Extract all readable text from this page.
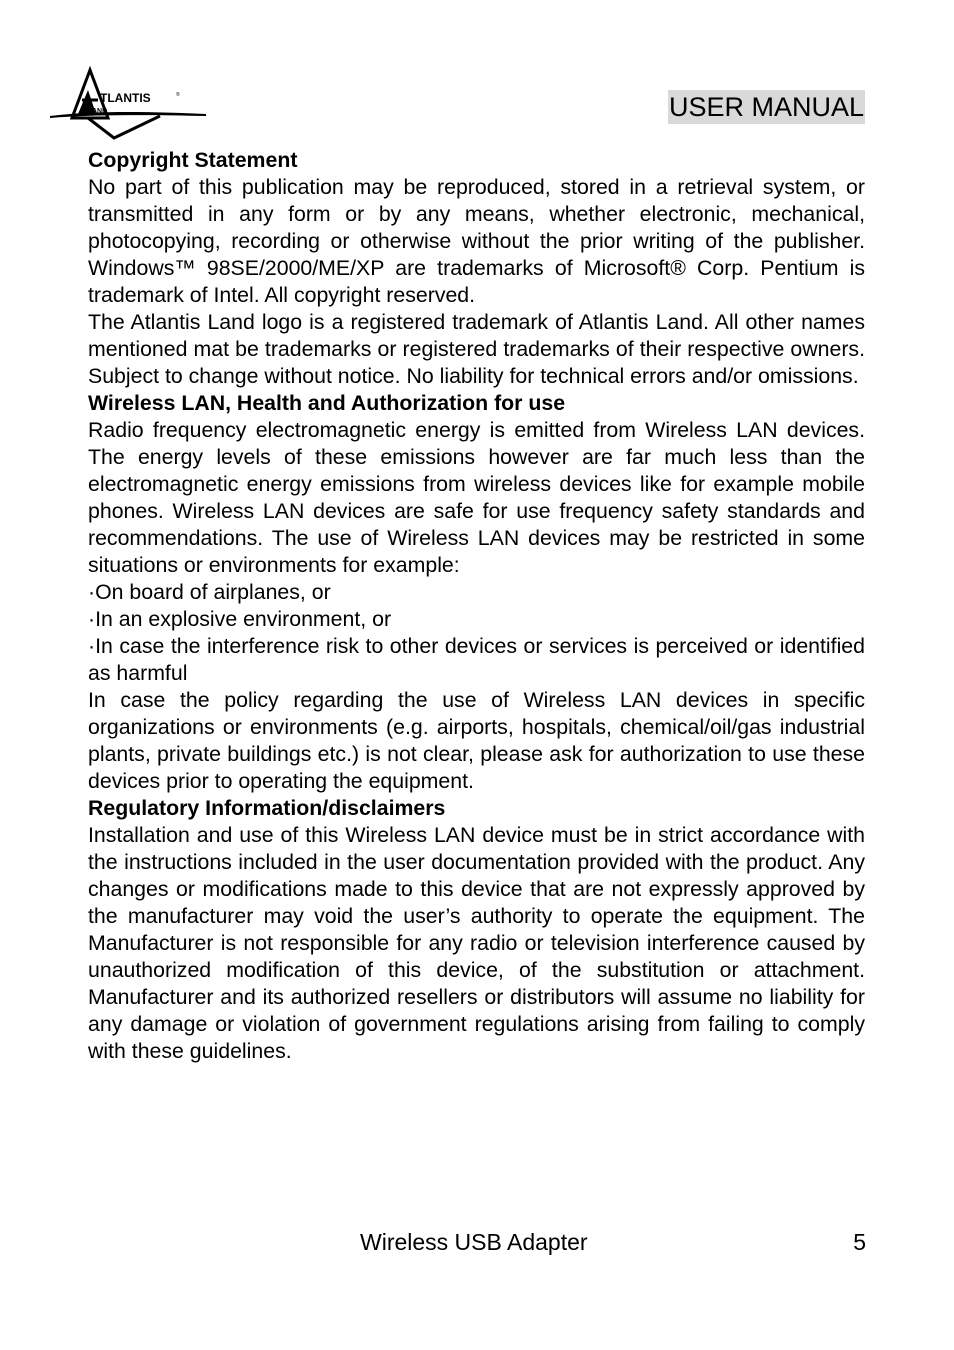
TLANTIS
AND
®	USER MANUAL
Copyright Statement

No part of this publication may be reproduced, stored in a retrieval system, or transmitted in any form or by any means, whether electronic, mechanical, photocopying, recording or otherwise without the prior writing of the publisher. Windows™ 98SE/2000/ME/XP are trademarks of Microsoft® Corp. Pentium is trademark of Intel. All copyright reserved.

The Atlantis Land logo is a registered trademark of Atlantis Land. All other names mentioned mat be trademarks or registered trademarks of their respective owners. Subject to change without notice. No liability for technical errors and/or omissions.

Wireless LAN, Health and Authorization for use

Radio frequency electromagnetic energy is emitted from Wireless LAN devices. The energy levels of these emissions however are far much less than the electromagnetic energy emissions from wireless devices like for example mobile phones. Wireless LAN devices are safe for use frequency safety standards and recommendations. The use of Wireless LAN devices may be restricted in some situations or environments for example:

·On board of airplanes, or

·In an explosive environment, or

·In case the interference risk to other devices or services is perceived or identified as harmful

In case the policy regarding the use of Wireless LAN devices in specific organizations or environments (e.g. airports, hospitals, chemical/oil/gas industrial plants, private buildings etc.) is not clear, please ask for authorization to use these devices prior to operating the equipment.

Regulatory Information/disclaimers

Installation and use of this Wireless LAN device must be in strict accordance with the instructions included in the user documentation provided with the product. Any changes or modifications made to this device that are not expressly approved by the manufacturer may void the user’s authority to operate the equipment. The Manufacturer is not responsible for any radio or television interference caused by unauthorized modification of this device, of the substitution or attachment. Manufacturer and its authorized resellers or distributors will assume no liability for any damage or violation of government regulations arising from failing to comply with these guidelines.

Wireless USB Adapter	5
